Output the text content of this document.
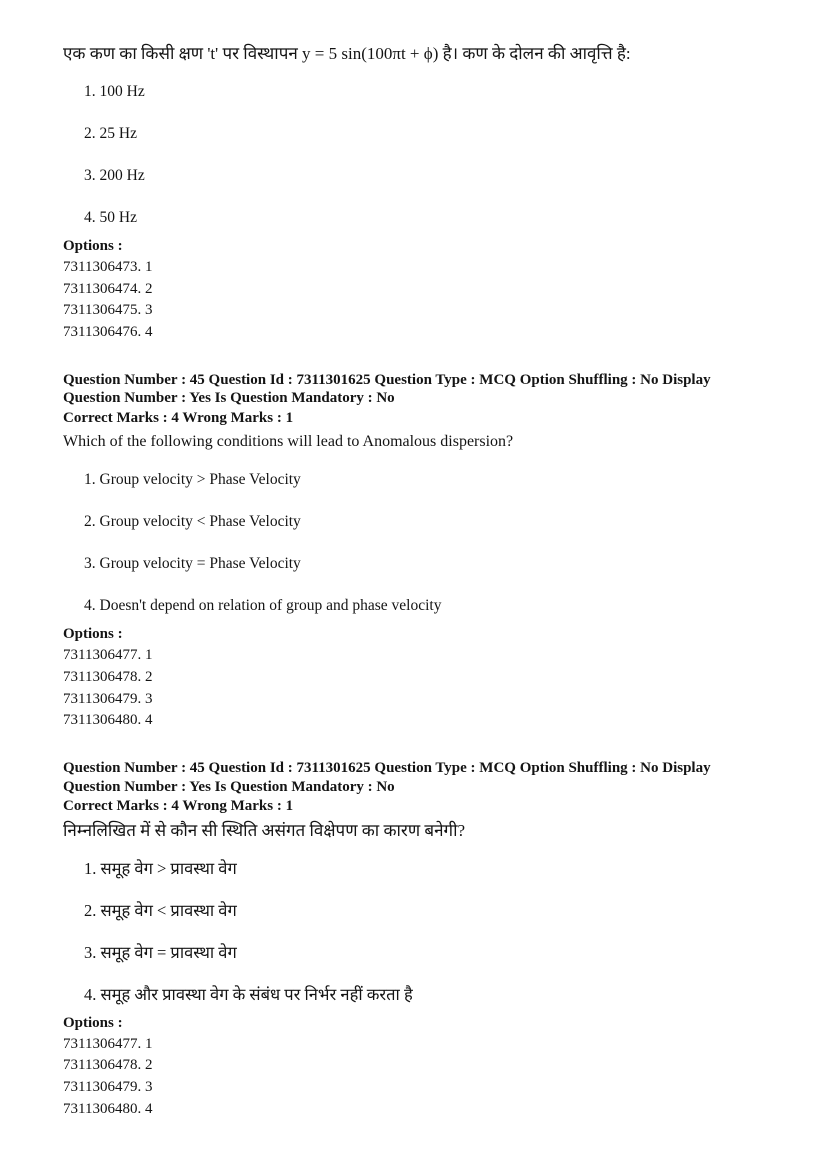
एक कण का किसी क्षण 't' पर विस्थापन y = 5 sin(100πt + ϕ) है। कण के दोलन की आवृत्ति है:

1. 100 Hz
2. 25 Hz
3. 200 Hz
4. 50 Hz

Options :

7311306473. 1
7311306474. 2
7311306475. 3
7311306476. 4

Question Number : 45 Question Id : 7311301625 Question Type : MCQ Option Shuffling : No Display Question Number : Yes Is Question Mandatory : No

Correct Marks : 4 Wrong Marks : 1

Which of the following conditions will lead to Anomalous dispersion?

1. Group velocity > Phase Velocity
2. Group velocity < Phase Velocity
3. Group velocity = Phase Velocity
4. Doesn't depend on relation of group and phase velocity

Options :

7311306477. 1
7311306478. 2
7311306479. 3
7311306480. 4

Question Number : 45 Question Id : 7311301625 Question Type : MCQ Option Shuffling : No Display Question Number : Yes Is Question Mandatory : No

Correct Marks : 4 Wrong Marks : 1

निम्नलिखित में से कौन सी स्थिति असंगत विक्षेपण का कारण बनेगी?

1. समूह वेग > प्रावस्था वेग
2. समूह वेग < प्रावस्था वेग
3. समूह वेग = प्रावस्था वेग
4. समूह और प्रावस्था वेग के संबंध पर निर्भर नहीं करता है

Options :

7311306477. 1
7311306478. 2
7311306479. 3
7311306480. 4
